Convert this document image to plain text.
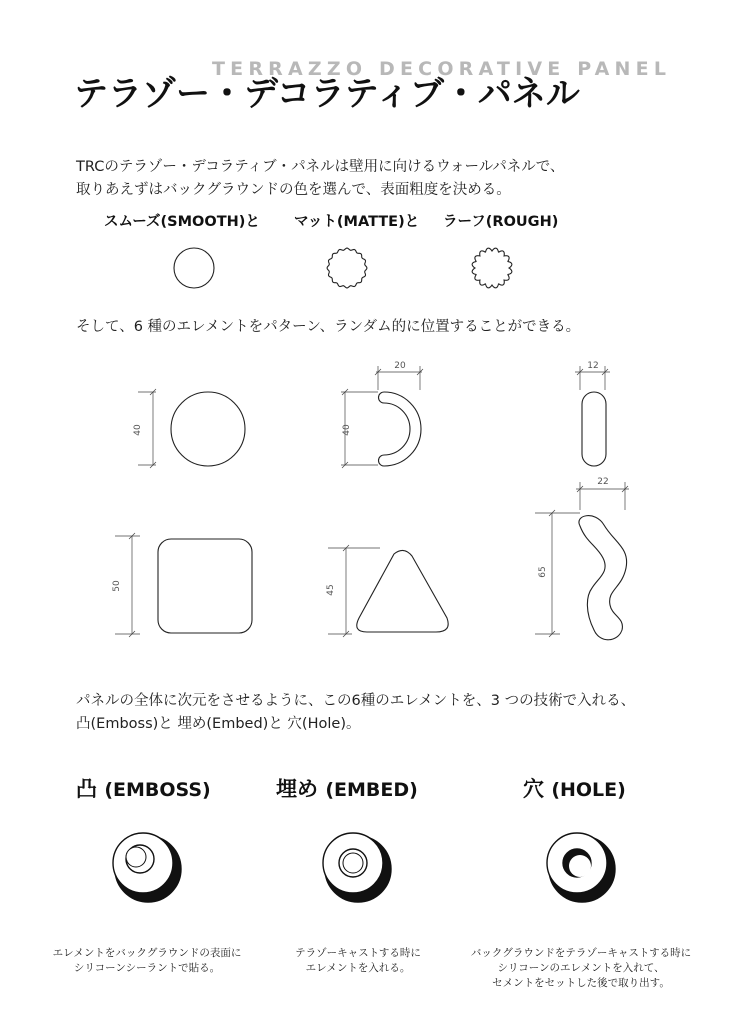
TERRAZZO DECORATIVE PANEL
テラゾー・デコラティブ・パネル
TRCのテラゾー・デコラティブ・パネルは壁用に向けるウォールパネルで、
取りあえずはバックグラウンドの色を選んで、表面粗度を決める。
スムーズ(SMOOTH)と マット(MATTE)と ラーフ(ROUGH)
そして、6 種のエレメントをパターン、ランダム的に位置することができる。
40	40
20	12
50	45
65
22
パネルの全体に次元をさせるように、この6種のエレメントを、3 つの技術で入れる、
凸(Emboss)と 埋め(Embed)と 穴(Hole)。
凸 (EMBOSS)	埋め (EMBED)	穴 (HOLE)
エレメントをバックグラウンドの表面に
シリコーンシーラントで貼る。
テラゾーキャストする時に
エレメントを入れる。
バックグラウンドをテラゾーキャストする時に
シリコーンのエレメントを入れて、
セメントをセットした後で取り出す。
